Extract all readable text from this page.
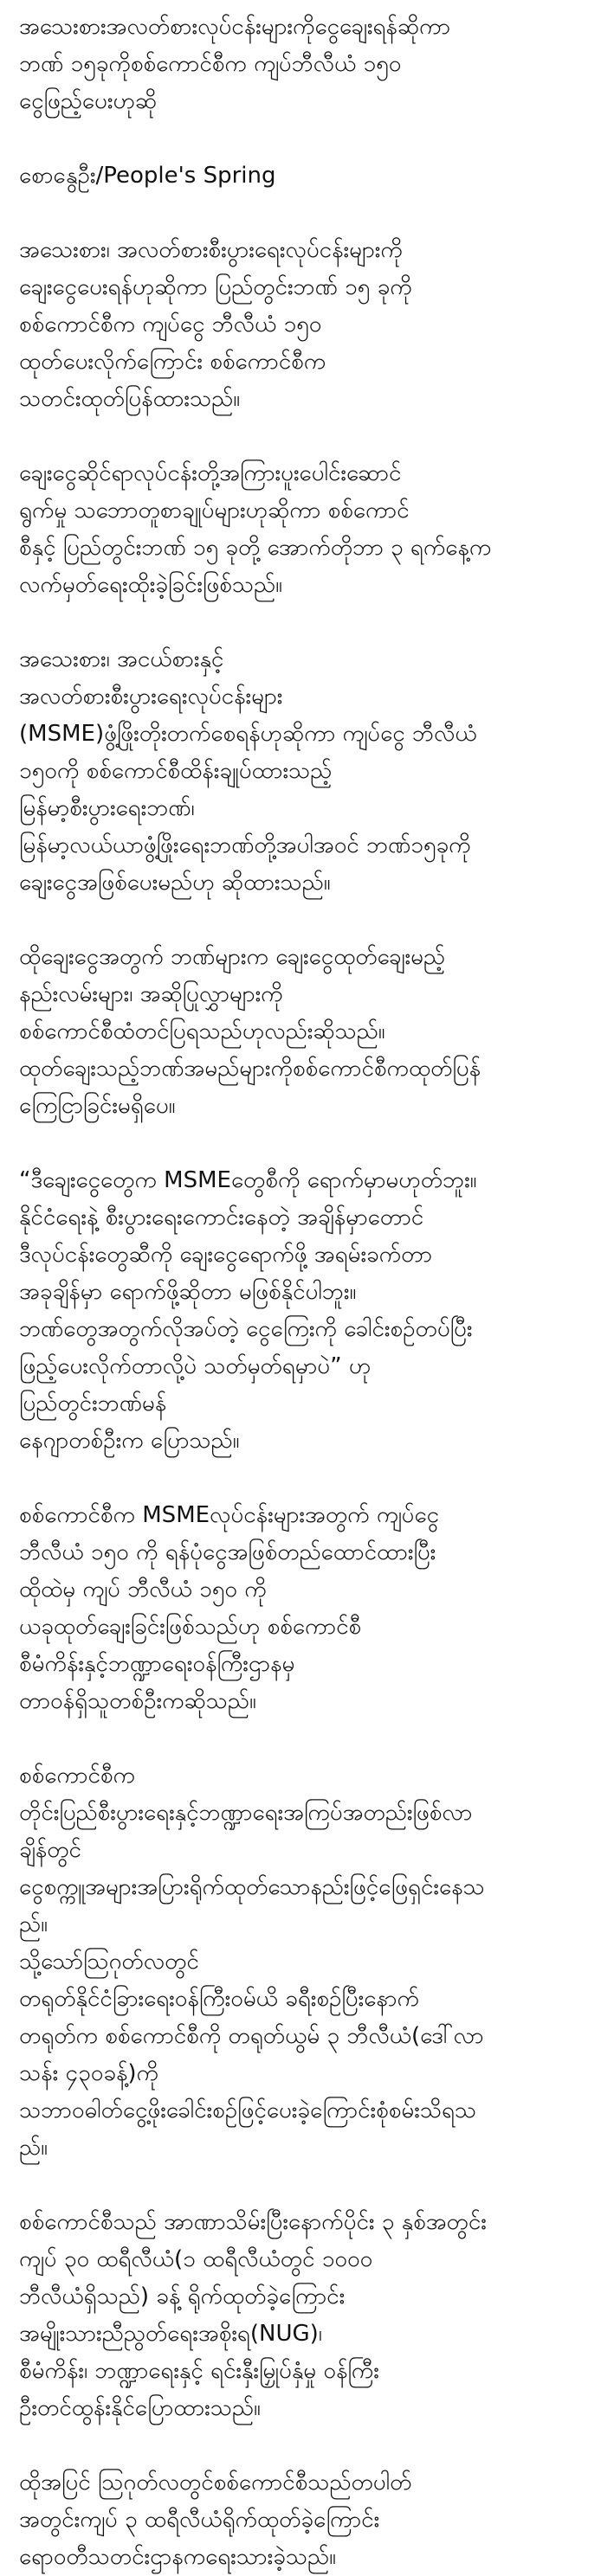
အသေးစားအလတ်စားလုပ်ငန်းများကိုငွေချေးရန်ဆိုကာ
ဘဏ် ၁၅ခုကိုစစ်ကောင်စီက ကျပ်ဘီလီယံ ၁၅၀
ငွေဖြည့်ပေးဟုဆို

စောနွေဦး/People's Spring

အသေးစား၊ အလတ်စားစီးပွားရေးလုပ်ငန်းများကို
ချေးငွေပေးရန်ဟုဆိုကာ ပြည်တွင်းဘဏ် ၁၅ ခုကို
စစ်ကောင်စီက ကျပ်ငွေ ဘီလီယံ ၁၅၀
ထုတ်ပေးလိုက်ကြောင်း စစ်ကောင်စီက
သတင်းထုတ်ပြန်ထားသည်။

ချေးငွေဆိုင်ရာလုပ်ငန်းတို့အကြားပူးပေါင်းဆောင်
ရွက်မှု သဘောတူစာချုပ်များဟုဆိုကာ စစ်ကောင်
စီနှင့် ပြည်တွင်းဘဏ် ၁၅ ခုတို့ အောက်တိုဘာ ၃ ရက်နေ့က
လက်မှတ်ရေးထိုးခဲ့ခြင်းဖြစ်သည်။

အသေးစား၊ အငယ်စားနှင့်
အလတ်စားစီးပွားရေးလုပ်ငန်းများ
(MSME)ဖွံ့ဖြိုးတိုးတက်စေရန်ဟုဆိုကာ ကျပ်ငွေ ဘီလီယံ
၁၅၀ကို စစ်ကောင်စီထိန်းချုပ်ထားသည့်
မြန်မာ့စီးပွားရေးဘဏ်၊
မြန်မာ့လယ်ယာဖွံ့ဖြိုးရေးဘဏ်တို့အပါအဝင် ဘဏ်၁၅ခုကို
ချေးငွေအဖြစ်ပေးမည်ဟု ဆိုထားသည်။

ထိုချေးငွေအတွက် ဘဏ်များက ချေးငွေထုတ်ချေးမည့်
နည်းလမ်းများ၊ အဆိုပြုလွှာများကို
စစ်ကောင်စီထံတင်ပြရသည်ဟုလည်းဆိုသည်။
ထုတ်ချေးသည့်ဘဏ်အမည်များကိုစစ်ကောင်စီကထုတ်ပြန်
ကြေငြာခြင်းမရှိပေ။

“ဒီချေးငွေတွေက MSMEတွေစီကို ရောက်မှာမဟုတ်ဘူး။
နိုင်ငံရေးနဲ့ စီးပွားရေးကောင်းနေတဲ့ အချိန်မှာတောင်
ဒီလုပ်ငန်းတွေဆီကို ချေးငွေရောက်ဖို့ အရမ်းခက်တာ
အခုချိန်မှာ ရောက်ဖို့ဆိုတာ မဖြစ်နိုင်ပါဘူး။
ဘဏ်တွေအတွက်လိုအပ်တဲ့ ငွေကြေးကို ခေါင်းစဉ်တပ်ပြီး
ဖြည့်ပေးလိုက်တာလို့ပဲ သတ်မှတ်ရမှာပဲ” ဟု
ပြည်တွင်းဘဏ်မန်
နေဂျာတစ်ဦးက ပြောသည်။

စစ်ကောင်စီက MSMEလုပ်ငန်းများအတွက် ကျပ်ငွေ
ဘီလီယံ ၁၅၀ ကို ရန်ပုံငွေအဖြစ်တည်ထောင်ထားပြီး
ထိုထဲမှ ကျပ် ဘီလီယံ ၁၅၀ ကို
ယခုထုတ်ချေးခြင်းဖြစ်သည်ဟု စစ်ကောင်စီ
စီမံကိန်းနှင့်ဘဏ္ဍာရေးဝန်ကြီးဌာနမှ
တာဝန်ရှိသူတစ်ဦးကဆိုသည်။

စစ်ကောင်စီက
တိုင်းပြည်စီးပွားရေးနှင့်ဘဏ္ဍာရေးအကြပ်အတည်းဖြစ်လာ
ချိန်တွင်
ငွေစက္ကူအများအပြားရိုက်ထုတ်သောနည်းဖြင့်ဖြေရှင်းနေသ
ည်။
သို့သော်ဩဂုတ်လတွင်
တရုတ်နိုင်ငံခြားရေးဝန်ကြီးဝမ်ယိ ခရီးစဉ်ပြီးနောက်
တရုတ်က စစ်ကောင်စီကို တရုတ်ယွမ် ၃ ဘီလီယံ(ဒေါ်လာ
သန်း ၄၃၀ခန့်)ကို
သဘာဝဓါတ်ငွေ့ဖိုးခေါင်းစဉ်ဖြင့်ပေးခဲ့ကြောင်းစုံစမ်းသိရသ
ည်။

စစ်ကောင်စီသည် အာဏာသိမ်းပြီးနောက်ပိုင်း ၃ နှစ်အတွင်း
ကျပ် ၃၀ ထရီလီယံ(၁ ထရီလီယံတွင် ၁၀၀၀
ဘီလီယံရှိသည်) ခန့် ရိုက်ထုတ်ခဲ့ကြောင်း
အမျိုးသားညီညွတ်ရေးအစိုးရ(NUG)၊
စီမံကိန်း၊ ဘဏ္ဍာရေးနှင့် ရင်းနှီးမြှုပ်နှံမှု ဝန်ကြီး
ဦးတင်ထွန်းနိုင်ပြောထားသည်။

ထိုအပြင် ဩဂုတ်လတွင်စစ်ကောင်စီသည်တပါတ်
အတွင်းကျပ် ၃ ထရီလီယံရိုက်ထုတ်ခဲ့ကြောင်း
ရောဝတီသတင်းဌာနကရေးသားခဲ့သည်။
